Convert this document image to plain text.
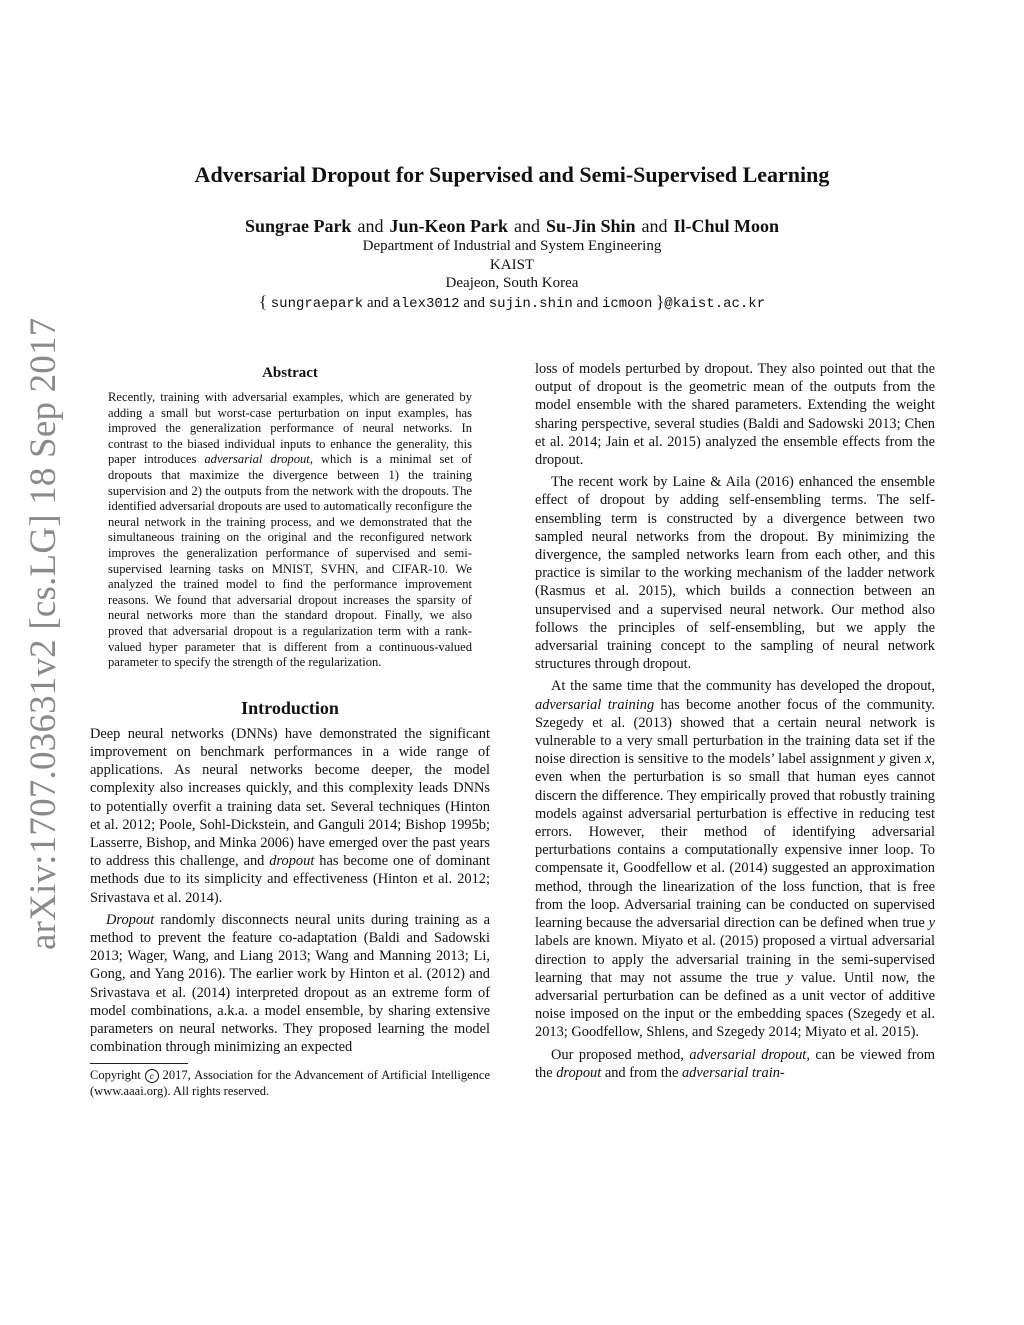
arXiv:1707.03631v2 [cs.LG] 18 Sep 2017
Adversarial Dropout for Supervised and Semi-Supervised Learning
Sungrae Park and Jun-Keon Park and Su-Jin Shin and Il-Chul Moon
Department of Industrial and System Engineering
KAIST
Deajeon, South Korea
{ sungraepark and alex3012 and sujin.shin and icmoon }@kaist.ac.kr
Abstract

Recently, training with adversarial examples, which are generated by adding a small but worst-case perturbation on input examples, has improved the generalization performance of neural networks. In contrast to the biased individual inputs to enhance the generality, this paper introduces adversarial dropout, which is a minimal set of dropouts that maximize the divergence between 1) the training supervision and 2) the outputs from the network with the dropouts. The identified adversarial dropouts are used to automatically reconfigure the neural network in the training process, and we demonstrated that the simultaneous training on the original and the reconfigured network improves the generalization performance of supervised and semi-supervised learning tasks on MNIST, SVHN, and CIFAR-10. We analyzed the trained model to find the performance improvement reasons. We found that adversarial dropout increases the sparsity of neural networks more than the standard dropout. Finally, we also proved that adversarial dropout is a regularization term with a rank-valued hyper parameter that is different from a continuous-valued parameter to specify the strength of the regularization.

Introduction

Deep neural networks (DNNs) have demonstrated the significant improvement on benchmark performances in a wide range of applications. As neural networks become deeper, the model complexity also increases quickly, and this complexity leads DNNs to potentially overfit a training data set. Several techniques (Hinton et al. 2012; Poole, Sohl-Dickstein, and Ganguli 2014; Bishop 1995b; Lasserre, Bishop, and Minka 2006) have emerged over the past years to address this challenge, and dropout has become one of dominant methods due to its simplicity and effectiveness (Hinton et al. 2012; Srivastava et al. 2014).

Dropout randomly disconnects neural units during training as a method to prevent the feature co-adaptation (Baldi and Sadowski 2013; Wager, Wang, and Liang 2013; Wang and Manning 2013; Li, Gong, and Yang 2016). The earlier work by Hinton et al. (2012) and Srivastava et al. (2014) interpreted dropout as an extreme form of model combinations, a.k.a. a model ensemble, by sharing extensive parameters on neural networks. They proposed learning the model combination through minimizing an expected

Copyright c 2017, Association for the Advancement of Artificial Intelligence (www.aaai.org). All rights reserved.

loss of models perturbed by dropout. They also pointed out that the output of dropout is the geometric mean of the outputs from the model ensemble with the shared parameters. Extending the weight sharing perspective, several studies (Baldi and Sadowski 2013; Chen et al. 2014; Jain et al. 2015) analyzed the ensemble effects from the dropout.

The recent work by Laine & Aila (2016) enhanced the ensemble effect of dropout by adding self-ensembling terms. The self-ensembling term is constructed by a divergence between two sampled neural networks from the dropout. By minimizing the divergence, the sampled networks learn from each other, and this practice is similar to the working mechanism of the ladder network (Rasmus et al. 2015), which builds a connection between an unsupervised and a supervised neural network. Our method also follows the principles of self-ensembling, but we apply the adversarial training concept to the sampling of neural network structures through dropout.

At the same time that the community has developed the dropout, adversarial training has become another focus of the community. Szegedy et al. (2013) showed that a certain neural network is vulnerable to a very small perturbation in the training data set if the noise direction is sensitive to the models’ label assignment y given x, even when the perturbation is so small that human eyes cannot discern the difference. They empirically proved that robustly training models against adversarial perturbation is effective in reducing test errors. However, their method of identifying adversarial perturbations contains a computationally expensive inner loop. To compensate it, Goodfellow et al. (2014) suggested an approximation method, through the linearization of the loss function, that is free from the loop. Adversarial training can be conducted on supervised learning because the adversarial direction can be defined when true y labels are known. Miyato et al. (2015) proposed a virtual adversarial direction to apply the adversarial training in the semi-supervised learning that may not assume the true y value. Until now, the adversarial perturbation can be defined as a unit vector of additive noise imposed on the input or the embedding spaces (Szegedy et al. 2013; Goodfellow, Shlens, and Szegedy 2014; Miyato et al. 2015).

Our proposed method, adversarial dropout, can be viewed from the dropout and from the adversarial train-
